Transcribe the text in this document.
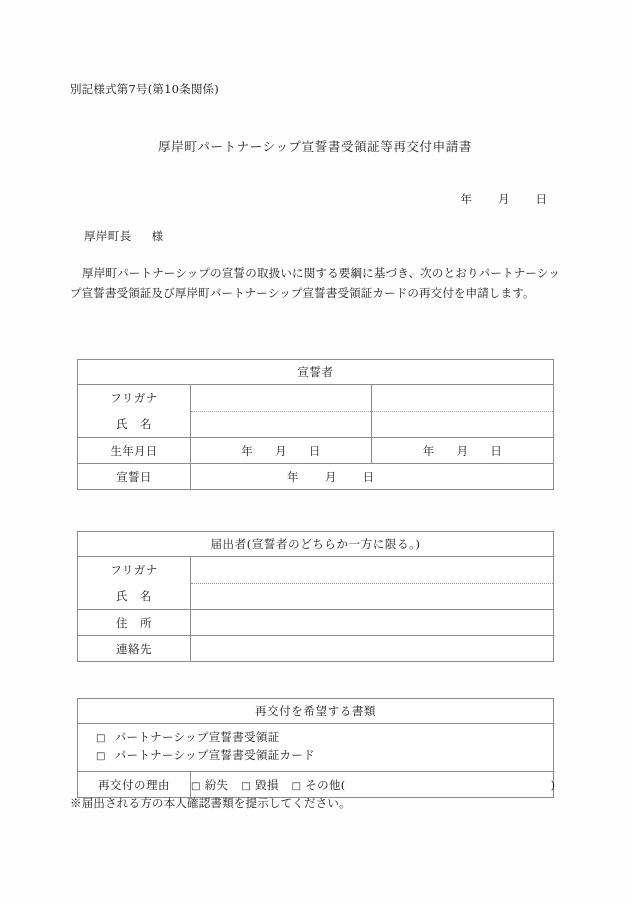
別記様式第7号(第10条関係)
厚岸町パートナーシップ宣誓書受領証等再交付申請書
年 月 日
厚岸町長 様
厚岸町パートナーシップの宣誓の取扱いに関する要綱に基づき、次のとおりパートナーシップ宣誓書受領証及び厚岸町パートナーシップ宣誓書受領証カードの再交付を申請します。
宣誓者		

フリガナ
氏　名		

生年月日	年 月 日	年 月 日
宣誓日	年 月 日	
届出者(宣誓者のどちらか一方に限る。)	

フリガナ
氏　名	

住　所	
連絡先	
再交付を希望する書類

□ パートナーシップ宣誓書受領証
□ パートナーシップ宣誓書受領証カード

再交付の理由	□ 紛失 □ 毀損 □ その他(	)
※届出される方の本人確認書類を提示してください。
